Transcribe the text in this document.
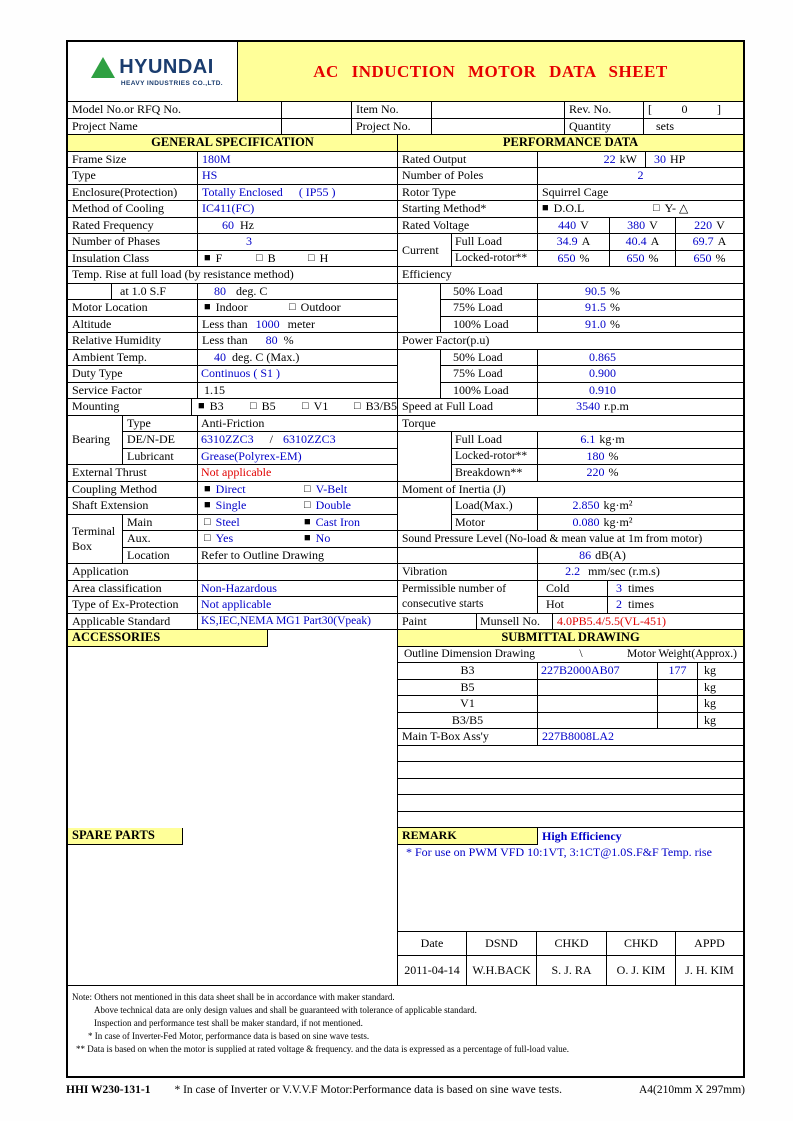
HYUNDAI
HEAVY INDUSTRIES CO.,LTD.
AC INDUCTION MOTOR DATA SHEET
Model No.or RFQ No.	Item No.	Rev. No.	[ 0 ]
Project Name	Project No.	Quantity	sets
GENERAL SPECIFICATION
Frame Size	180M
Type	HS
Enclosure(Protection)	Totally Enclosed ( IP55 )
Method of Cooling	IC411(FC)
Rated Frequency	60 Hz
Number of Phases	3
Insulation Class	■ F	□ B	□ H
Temp. Rise at full load (by resistance method)
at 1.0 S.F	80 deg. C
Motor Location	■ Indoor	□ Outdoor
Altitude	Less than 1000 meter
Relative Humidity	Less than 80 %
Ambient Temp.	40 deg. C (Max.)
Duty Type	Continuos ( S1 )
Service Factor	1.15
Mounting	■ B3 □ B5 □ V1 □ B3/B5
Bearing
Type	Anti-Friction
DE/N-DE	6310ZZC3 / 6310ZZC3
Lubricant	Grease(Polyrex-EM)
External Thrust	Not applicable
Coupling Method	■ Direct	□ V-Belt
Shaft Extension	■ Single	□ Double
Terminal Box
Main	□ Steel	■ Cast Iron
Aux.	□ Yes	■ No
Location	Refer to Outline Drawing
Application
Area classification	Non-Hazardous
Type of Ex-Protection	Not applicable
Applicable Standard	KS,IEC,NEMA MG1 Part30(Vpeak)
ACCESSORIES
SPARE PARTS
PERFORMANCE DATA
Rated Output	22 kW 30 HP
Number of Poles	2
Rotor Type	Squirrel Cage
Starting Method*	■ D.O.L	□ Y- △
Rated Voltage	440 V	380 V	220 V
Current
Full Load	34.9 A	40.4 A	69.7 A
Locked-rotor**	650 %	650 %	650 %
Efficiency
50% Load	90.5 %
75% Load	91.5 %
100% Load	91.0 %
Power Factor(p.u)
50% Load	0.865
75% Load	0.900
100% Load	0.910
Speed at Full Load	3540 r.p.m
Torque
Full Load	6.1 kg·m
Locked-rotor**	180 %
Breakdown**	220 %
Moment of Inertia (J)
Load(Max.)	2.850 kg·m²
Motor	0.080 kg·m²
Sound Pressure Level (No-load & mean value at 1m from motor)
86 dB(A)
Vibration	2.2 mm/sec (r.m.s)
Permissible number of
consecutive starts
Cold	3 times
Hot	2 times
Paint	Munsell No.	4.0PB5.4/5.5(VL-451)
SUBMITTAL DRAWING
Outline Dimension Drawing	\	Motor Weight(Approx.)
B3	227B2000AB07	177	kg
B5	kg
V1	kg
B3/B5	kg
Main T-Box Ass'y	227B8008LA2
REMARK	High Efficiency
* For use on PWM VFD 10:1VT, 3:1CT@1.0S.F&F Temp. rise
Date	DSND	CHKD	CHKD	APPD
2011-04-14	W.H.BACK	S. J. RA	O. J. KIM	J. H. KIM
Note: Others not mentioned in this data sheet shall be in accordance with maker standard.
Above technical data are only design values and shall be guaranteed with tolerance of applicable standard.
Inspection and performance test shall be maker standard, if not mentioned.
* In case of Inverter-Fed Motor, performance data is based on sine wave tests.
** Data is based on when the motor is supplied at rated voltage & frequency. and the data is expressed as a percentage of full-load value.
HHI W230-131-1 * In case of Inverter or V.V.V.F Motor:Performance data is based on sine wave tests.	A4(210mm X 297mm)
